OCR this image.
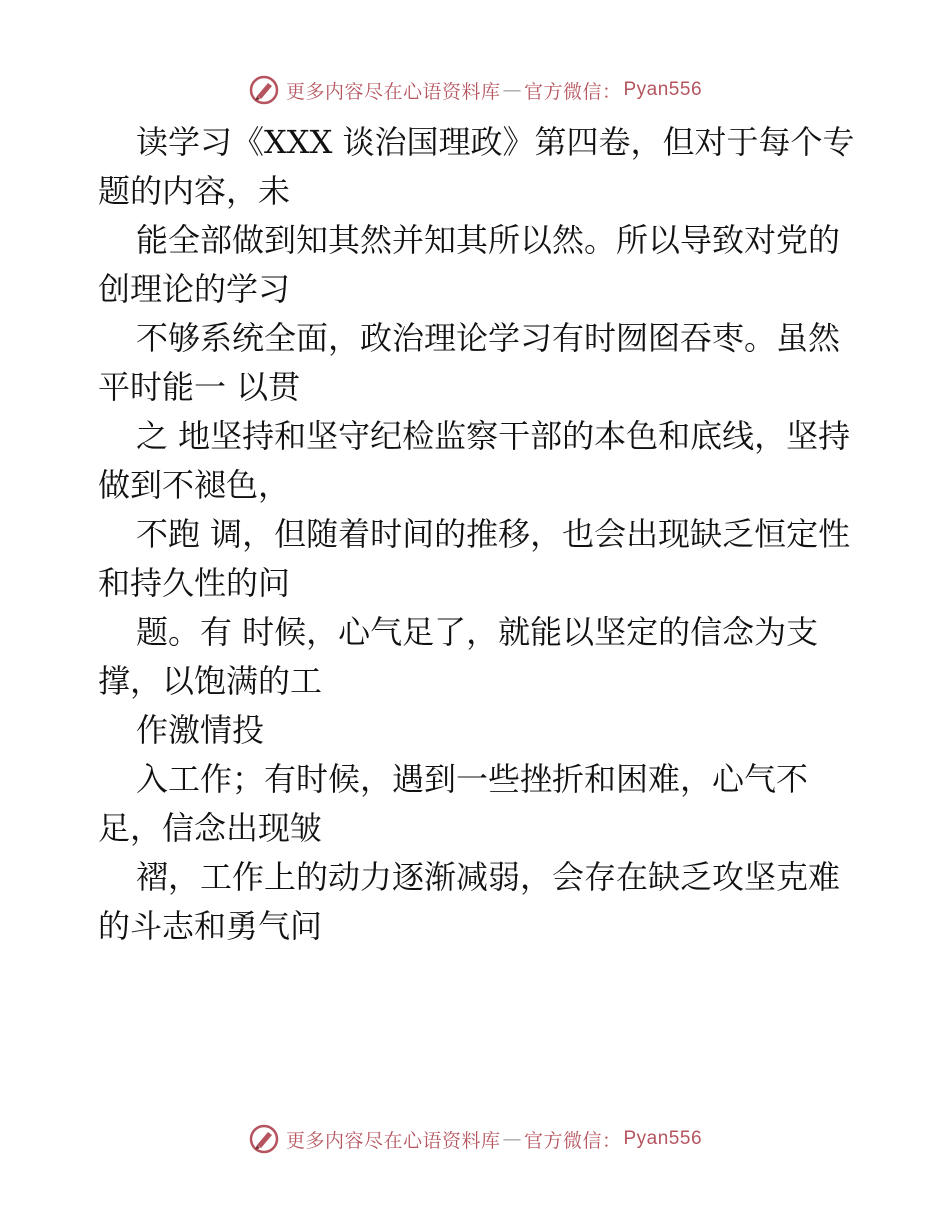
更多内容尽在心语资料库 — 官方微信： Pyan556

读学习《XXX 谈治国理政》第四卷，但对于每个专题的内容，未

能全部做到知其然并知其所以然。所以导致对党的创理论的学习

不够系统全面，政治理论学习有时囫囵吞枣。虽然平时能一 以贯

之 地坚持和坚守纪检监察干部的本色和底线，坚持做到不褪色，

不跑 调，但随着时间的推移，也会出现缺乏恒定性和持久性的问

题。有 时候，心气足了，就能以坚定的信念为支撑，以饱满的工

作激情投

入工作；有时候，遇到一些挫折和困难，心气不足，信念出现皱

褶，工作上的动力逐渐减弱，会存在缺乏攻坚克难的斗志和勇气问

更多内容尽在心语资料库 — 官方微信： Pyan556
